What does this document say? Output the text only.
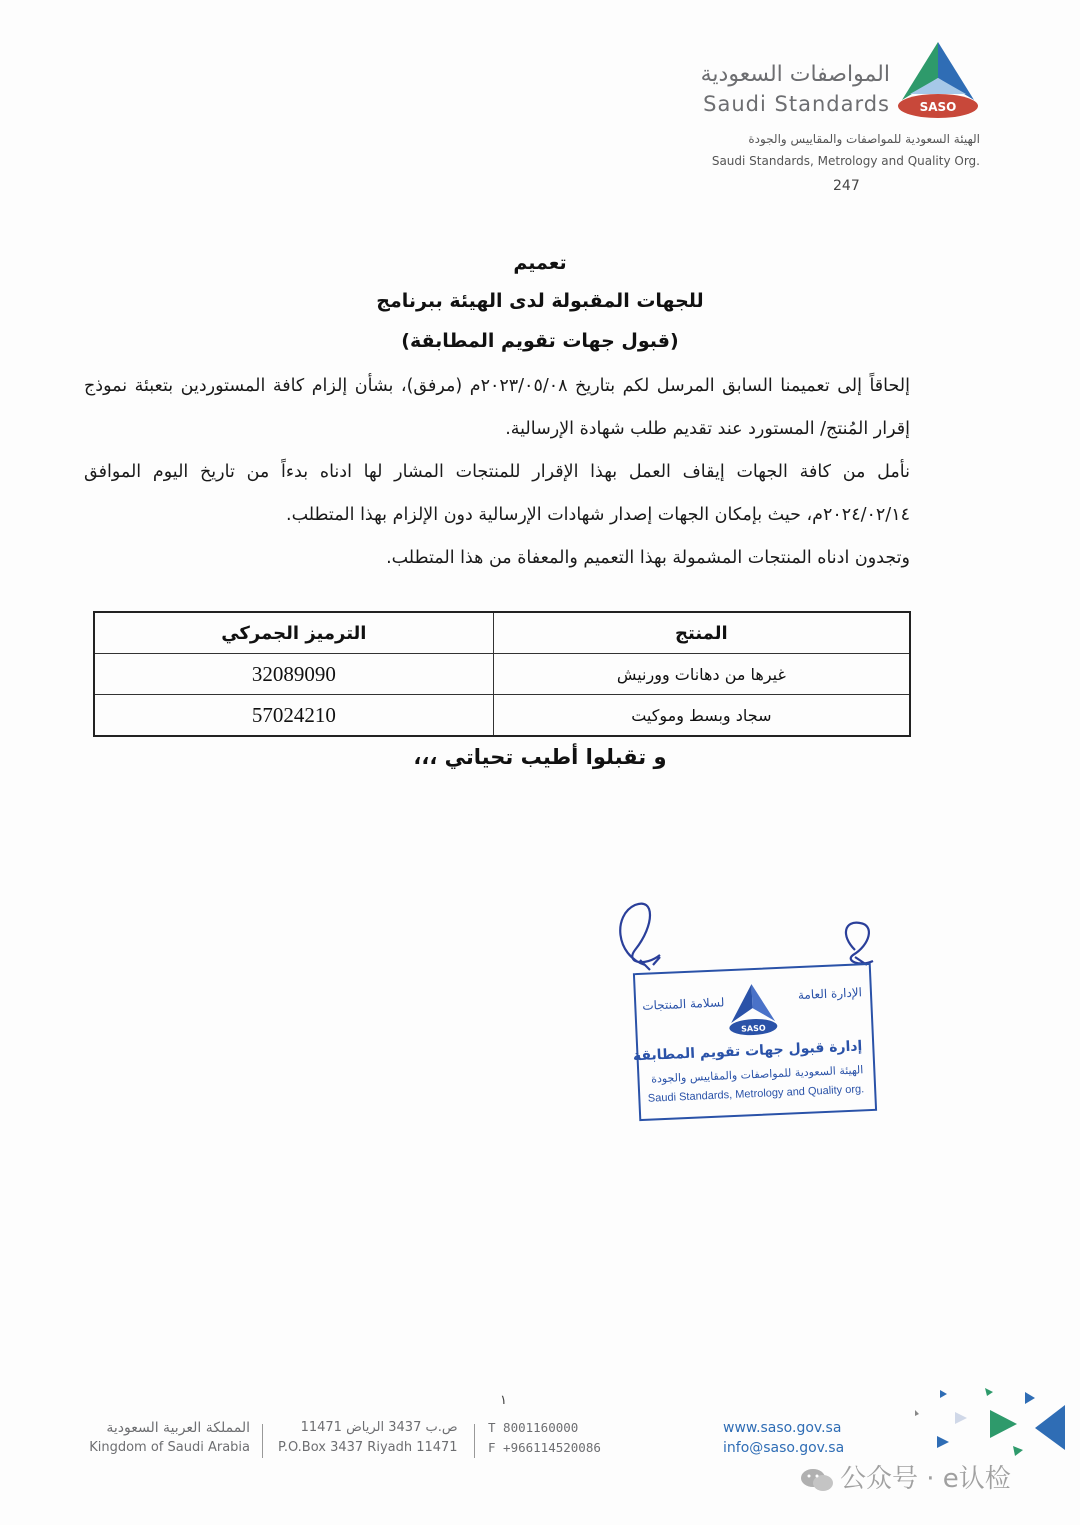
المواصفات السعودية
Saudi Standards SASO
الهيئة السعودية للمواصفات والمقاييس والجودة
Saudi Standards, Metrology and Quality Org.
247
تعميم
للجهات المقبولة لدى الهيئة ببرنامج
(قبول جهات تقويم المطابقة)

إلحاقاً إلى تعميمنا السابق المرسل لكم بتاريخ ٢٠٢٣/٠٥/٠٨م (مرفق)، بشأن إلزام كافة المستوردين بتعبئة نموذج إقرار المُنتج/ المستورد عند تقديم طلب شهادة الإرسالية.

نأمل من كافة الجهات إيقاف العمل بهذا الإقرار للمنتجات المشار لها ادناه بدءاً من تاريخ اليوم الموافق ٢٠٢٤/٠٢/١٤م، حيث بإمكان الجهات إصدار شهادات الإرسالية دون الإلزام بهذا المتطلب.

وتجدون ادناه المنتجات المشمولة بهذا التعميم والمعفاة من هذا المتطلب.

المنتج	الترميز الجمركي
غيرها من دهانات وورنيش	32089090
سجاد وبسط وموكيت	57024210
و تقبلوا أطيب تحياتي ،،،
الإدارة العامة
لسلامة المنتجات
SASO
إدارة قبول جهات تقويم المطابقة
الهيئة السعودية للمواصفات والمقاييس والجودة
Saudi Standards, Metrology and Quality org.
١
المملكة العربية السعودية
Kingdom of Saudi Arabia
ص.ب 3437 الرياض 11471
P.O.Box 3437 Riyadh 11471
T 8001160000
F +966114520086
www.saso.gov.sa
info@saso.gov.sa
公众号 · e认检
